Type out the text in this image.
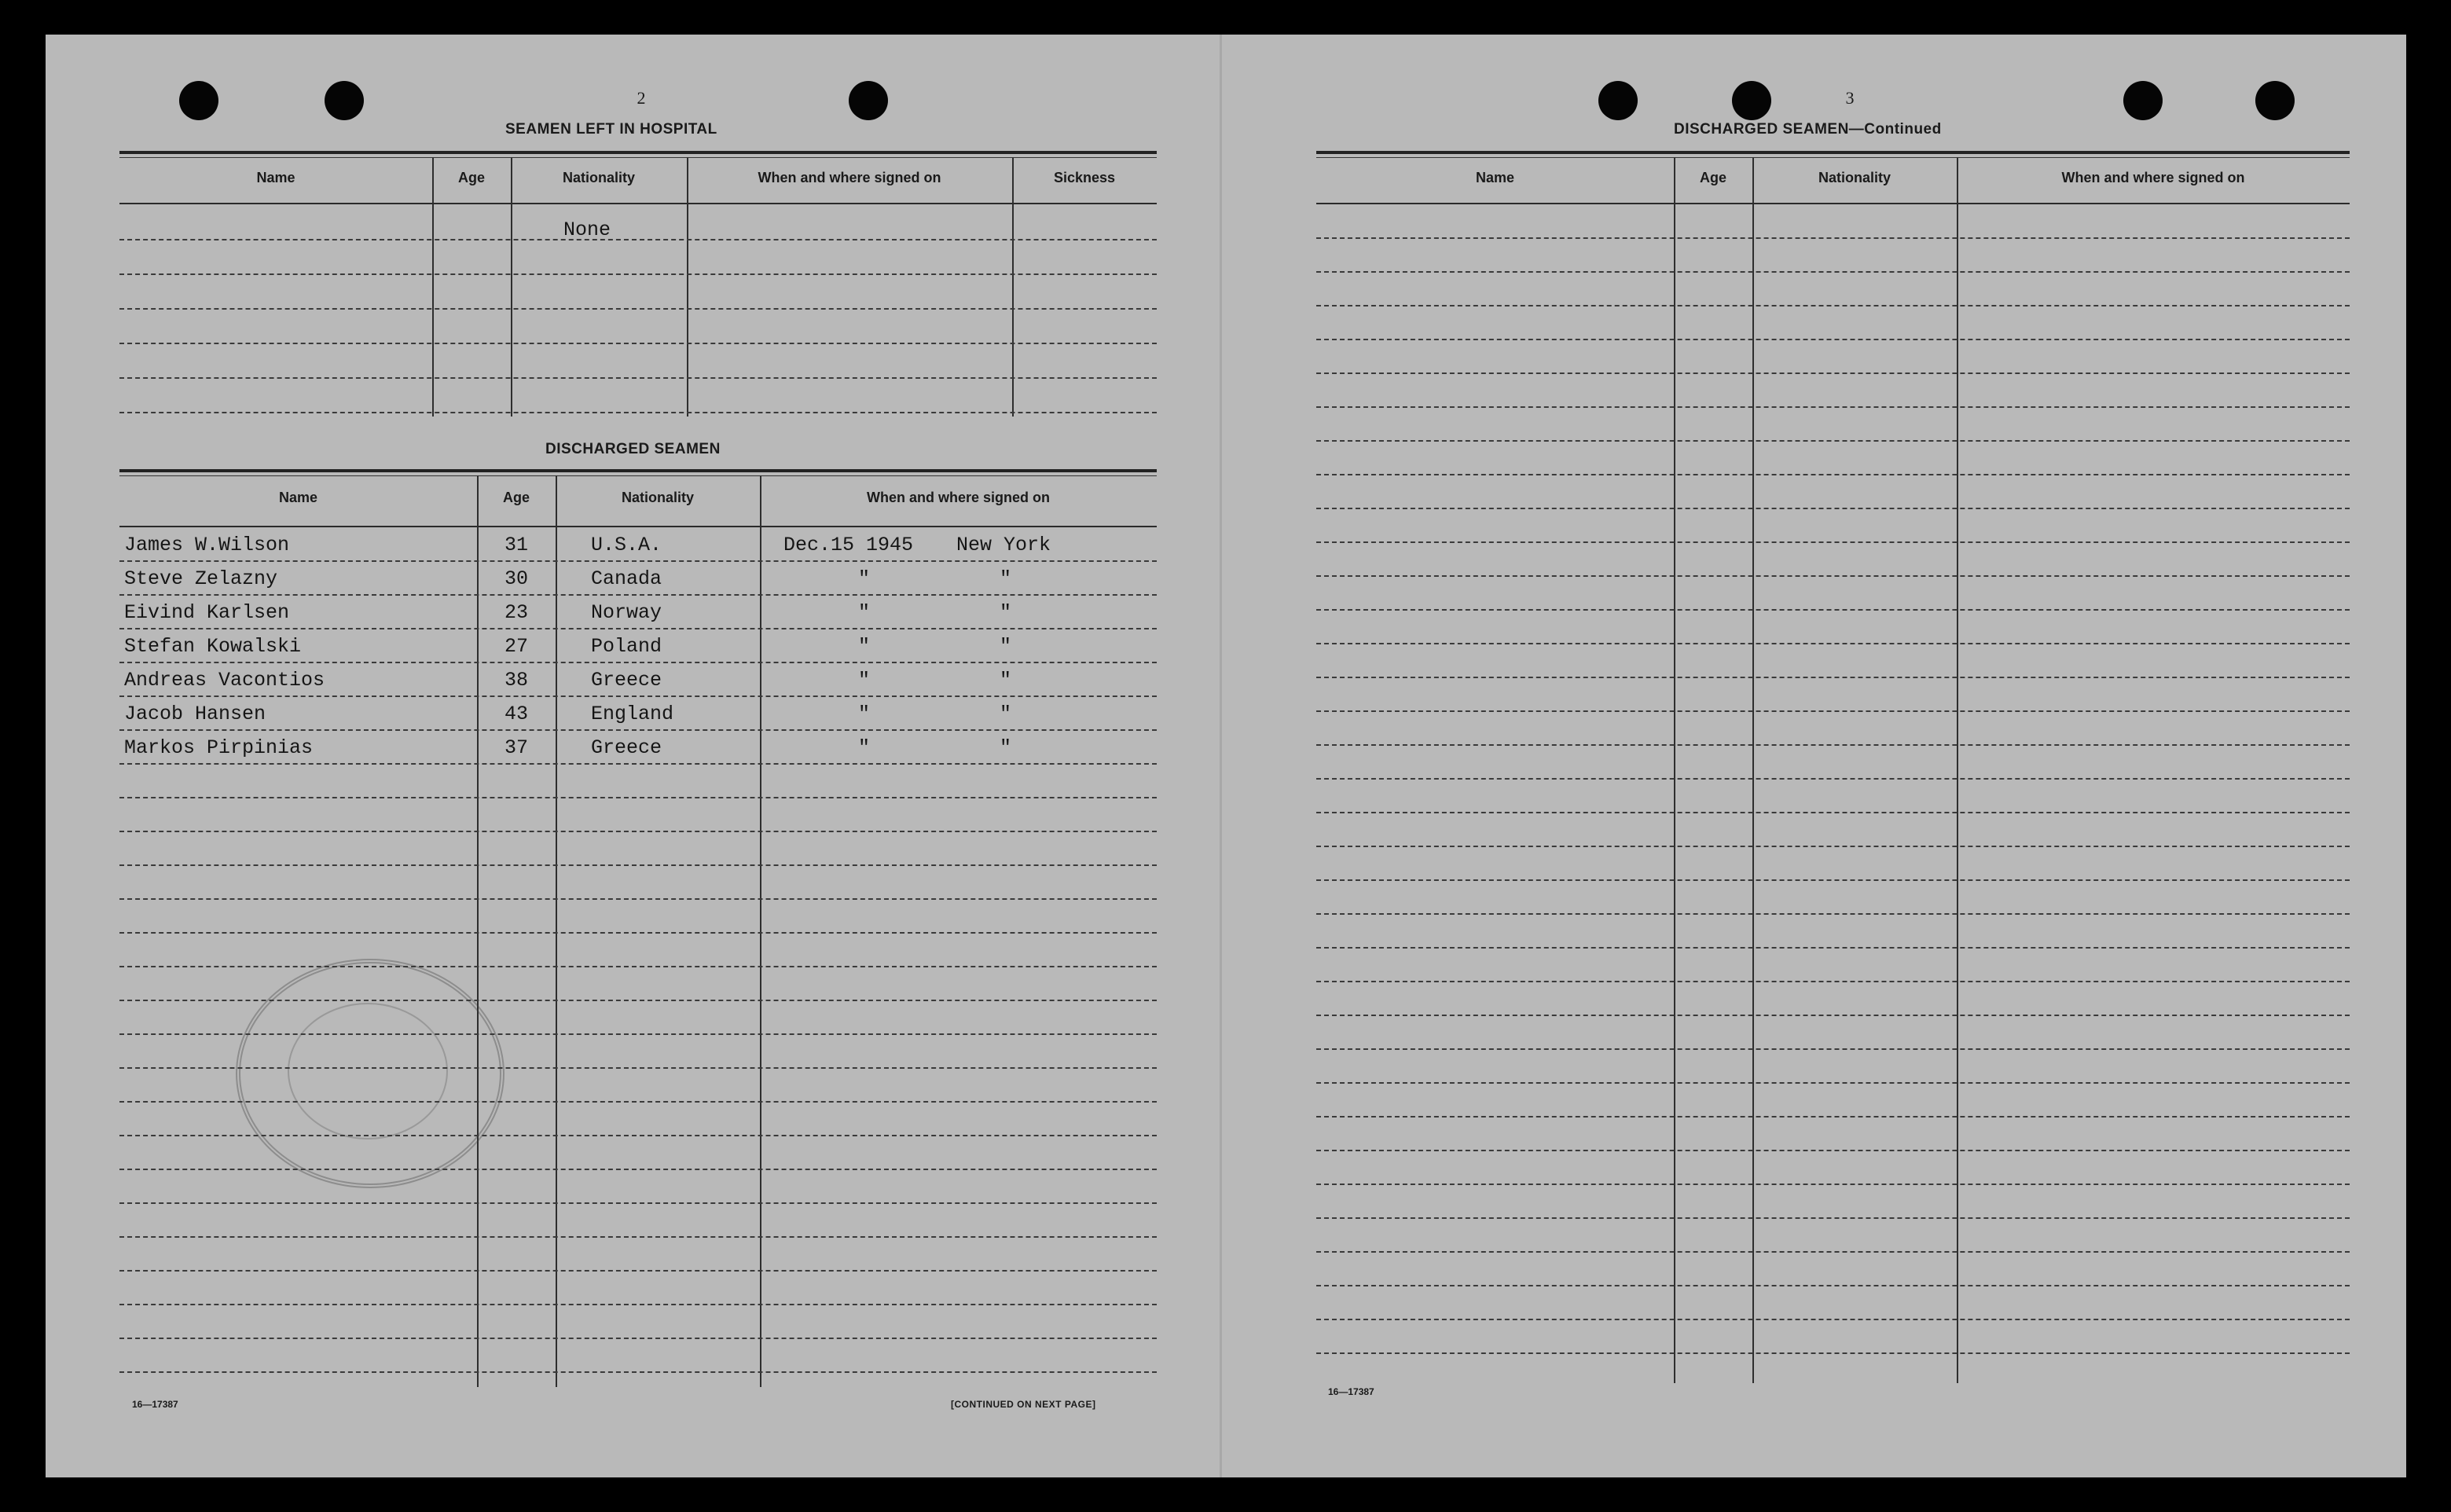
2
SEAMEN LEFT IN HOSPITAL
Name	Age	Nationality	When and where signed on	Sickness
None
DISCHARGED SEAMEN
Name	Age	Nationality	When and where signed on
James W.Wilson	31	U.S.A.	Dec.15 1945 New York
Steve Zelazny	30	Canada	"	"
Eivind Karlsen	23	Norway	"	"
Stefan Kowalski	27	Poland	"	"
Andreas Vacontios	38	Greece	"	"
Jacob Hansen	43	England	"	"
Markos Pirpinias	37	Greece	"	"
16—17387	[CONTINUED ON NEXT PAGE]
3
DISCHARGED SEAMEN—Continued
Name	Age	Nationality	When and where signed on
16—17387
